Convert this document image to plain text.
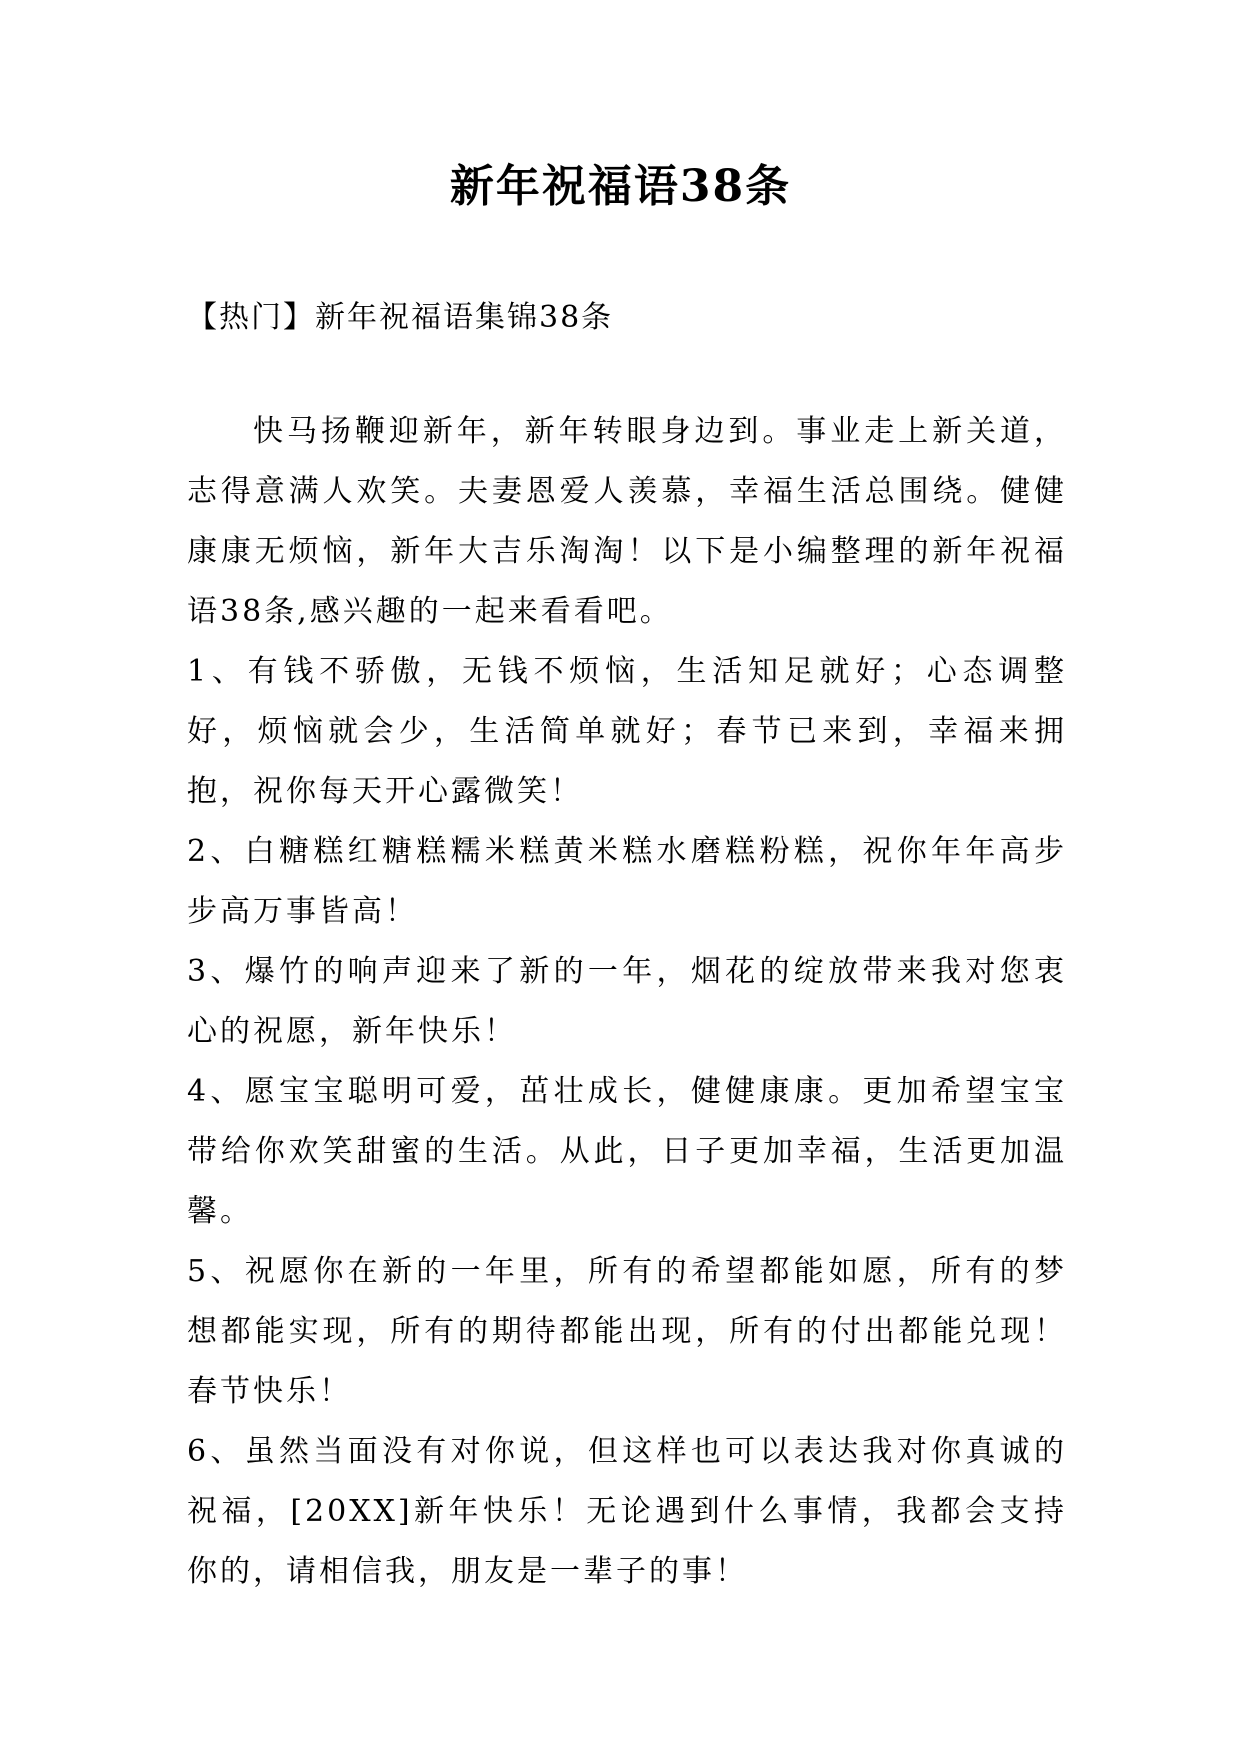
新年祝福语38条

【热门】新年祝福语集锦38条

快马扬鞭迎新年，新年转眼身边到。事业走上新关道，志得意满人欢笑。夫妻恩爱人羡慕，幸福生活总围绕。健健康康无烦恼，新年大吉乐淘淘！以下是小编整理的新年祝福语38条,感兴趣的一起来看看吧。

1、有钱不骄傲，无钱不烦恼，生活知足就好；心态调整好，烦恼就会少，生活简单就好；春节已来到，幸福来拥抱，祝你每天开心露微笑！

2、白糖糕红糖糕糯米糕黄米糕水磨糕粉糕，祝你年年高步步高万事皆高！

3、爆竹的响声迎来了新的一年，烟花的绽放带来我对您衷心的祝愿，新年快乐！

4、愿宝宝聪明可爱，茁壮成长，健健康康。更加希望宝宝带给你欢笑甜蜜的生活。从此，日子更加幸福，生活更加温馨。

5、祝愿你在新的一年里，所有的希望都能如愿，所有的梦想都能实现，所有的期待都能出现，所有的付出都能兑现！春节快乐！

6、虽然当面没有对你说，但这样也可以表达我对你真诚的祝福，[20XX]新年快乐！无论遇到什么事情，我都会支持你的，请相信我，朋友是一辈子的事！
